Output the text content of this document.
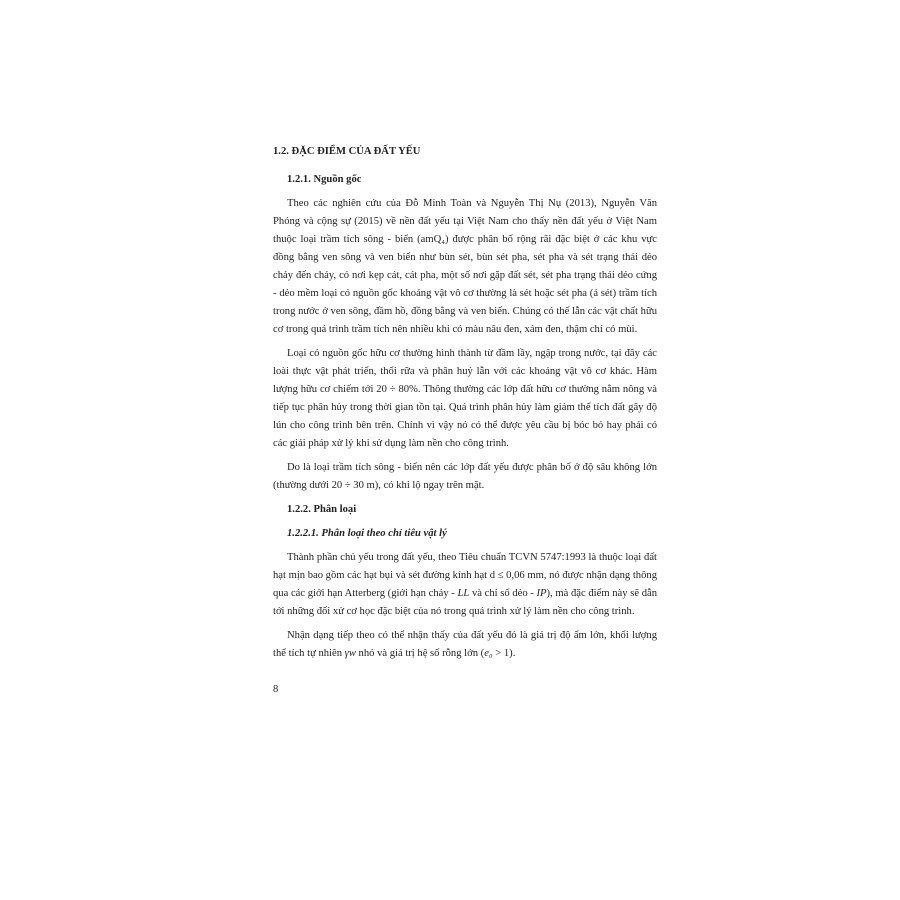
1.2. ĐẶC ĐIỂM CỦA ĐẤT YẾU
1.2.1. Nguồn gốc

Theo các nghiên cứu của Đỗ Minh Toàn và Nguyễn Thị Nụ (2013), Nguyễn Văn Phóng và cộng sự (2015) về nền đất yếu tại Việt Nam cho thấy nền đất yếu ở Việt Nam thuộc loại trầm tích sông - biển (amQ₄) được phân bố rộng rãi đặc biệt ở các khu vực đồng bằng ven sông và ven biển như bùn sét, bùn sét pha, sét pha và sét trạng thái dẻo chảy đến chảy, có nơi kẹp cát, cát pha, một số nơi gặp đất sét, sét pha trạng thái dẻo cứng - dẻo mềm loại có nguồn gốc khoáng vật vô cơ thường là sét hoặc sét pha (á sét) trầm tích trong nước ở ven sông, đầm hồ, đồng bằng và ven biển. Chúng có thể lẫn các vật chất hữu cơ trong quá trình trầm tích nên nhiều khi có màu nâu đen, xám đen, thậm chí có mùi.

Loại có nguồn gốc hữu cơ thường hình thành từ đầm lầy, ngập trong nước, tại đây các loài thực vật phát triển, thối rữa và phân huỷ lẫn với các khoáng vật vô cơ khác. Hàm lượng hữu cơ chiếm tới 20 ÷ 80%. Thông thường các lớp đất hữu cơ thường nằm nông và tiếp tục phân hủy trong thời gian tồn tại. Quá trình phân hủy làm giảm thể tích đất gây độ lún cho công trình bên trên. Chính vì vậy nó có thể được yêu cầu bị bóc bỏ hay phải có các giải pháp xử lý khi sử dụng làm nền cho công trình.

Do là loại trầm tích sông - biển nên các lớp đất yếu được phân bố ở độ sâu không lớn (thường dưới 20 ÷ 30 m), có khi lộ ngay trên mặt.

1.2.2. Phân loại
1.2.2.1. Phân loại theo chỉ tiêu vật lý

Thành phần chủ yếu trong đất yếu, theo Tiêu chuẩn TCVN 5747:1993 là thuộc loại đất hạt mịn bao gồm các hạt bụi và sét đường kính hạt d ≤ 0,06 mm, nó được nhận dạng thông qua các giới hạn Atterberg (giới hạn chảy - LL và chỉ số dẻo - IP), mà đặc điểm này sẽ dẫn tới những đối xử cơ học đặc biệt của nó trong quá trình xử lý làm nền cho công trình.

Nhận dạng tiếp theo có thể nhận thấy của đất yếu đó là giá trị độ ẩm lớn, khối lượng thể tích tự nhiên γw nhỏ và giá trị hệ số rỗng lớn (e₀ > 1).

8
